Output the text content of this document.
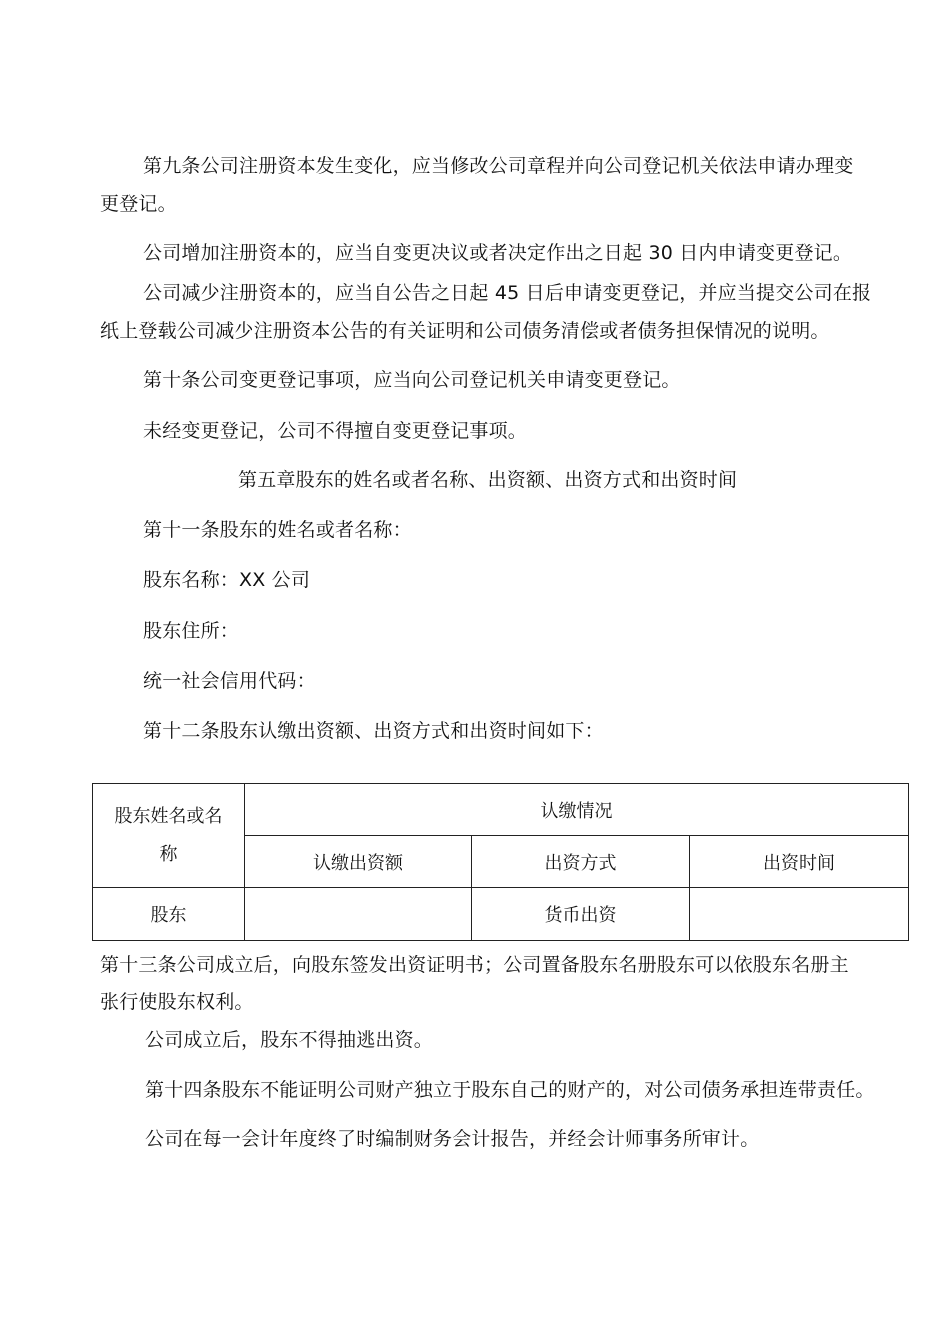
第九条公司注册资本发生变化，应当修改公司章程并向公司登记机关依法申请办理变
更登记。
公司增加注册资本的，应当自变更决议或者决定作出之日起 30 日内申请变更登记。
公司减少注册资本的，应当自公告之日起 45 日后申请变更登记，并应当提交公司在报
纸上登载公司减少注册资本公告的有关证明和公司债务清偿或者债务担保情况的说明。
第十条公司变更登记事项，应当向公司登记机关申请变更登记。
未经变更登记，公司不得擅自变更登记事项。
第五章股东的姓名或者名称、出资额、出资方式和出资时间
第十一条股东的姓名或者名称：
股东名称：XX 公司
股东住所：
统一社会信用代码：
第十二条股东认缴出资额、出资方式和出资时间如下：
股东姓名或名
称	认缴情况		
	认缴出资额	出资方式	出资时间
股东		货币出资	
第十三条公司成立后，向股东签发出资证明书；公司置备股东名册股东可以依股东名册主
张行使股东权利。
公司成立后，股东不得抽逃出资。
第十四条股东不能证明公司财产独立于股东自己的财产的，对公司债务承担连带责任。
公司在每一会计年度终了时编制财务会计报告，并经会计师事务所审计。
